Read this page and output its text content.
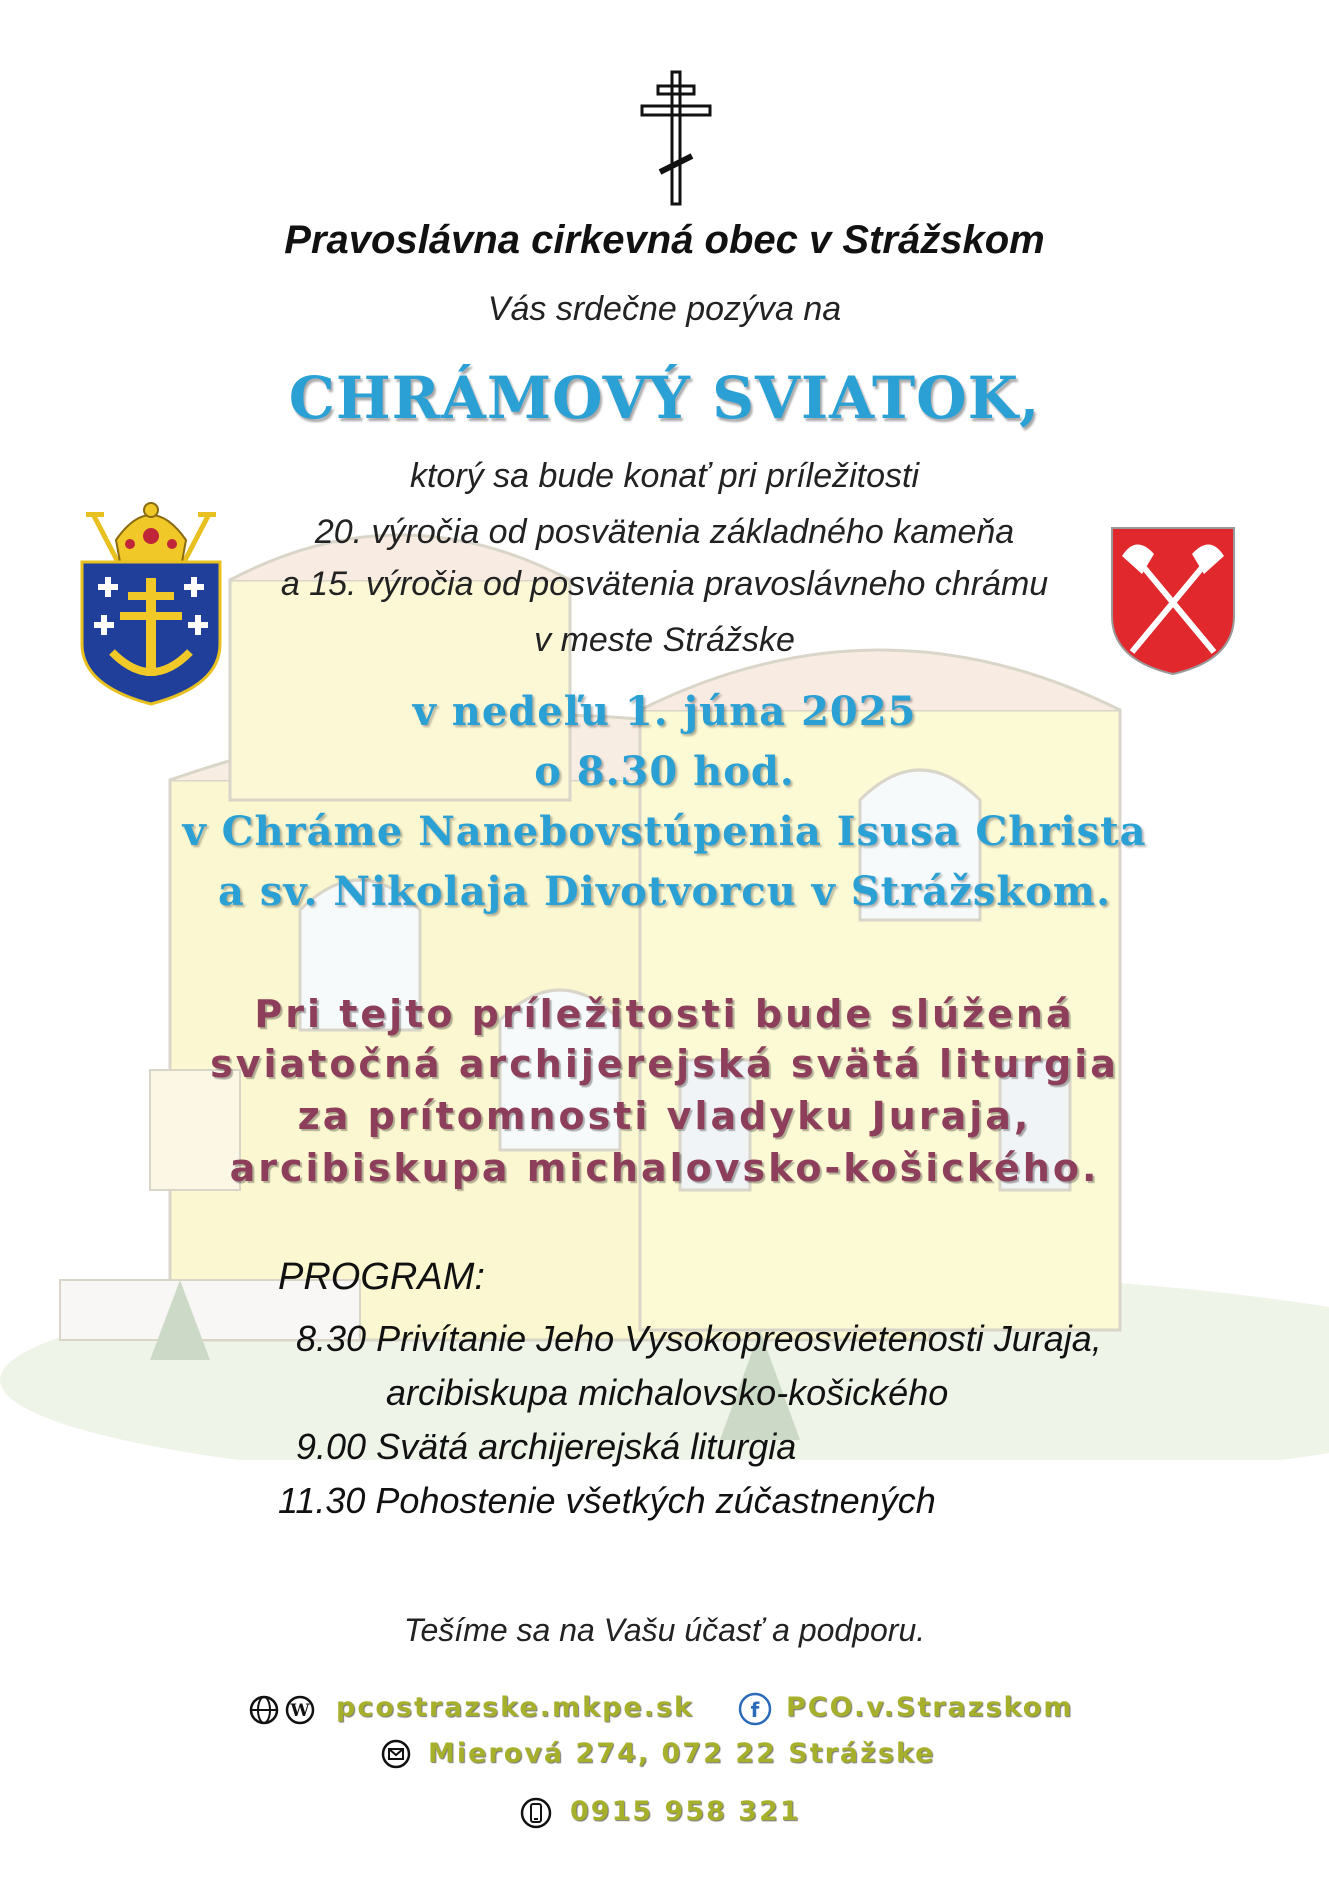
Pravoslávna cirkevná obec v Strážskom
Vás srdečne pozýva na
CHRÁMOVÝ SVIATOK,
ktorý sa bude konať pri príležitosti
20. výročia od posvätenia základného kameňa
a 15. výročia od posvätenia pravoslávneho chrámu
v meste Strážske
v nedeľu 1. júna 2025
o 8.30 hod.
v Chráme Nanebovstúpenia Isusa Christa
a sv. Nikolaja Divotvorcu v Strážskom.
Pri tejto príležitosti bude slúžená
sviatočná archijerejská svätá liturgia
za prítomnosti vladyku Juraja,
arcibiskupa michalovsko-košického.
PROGRAM:
8.30 Privítanie Jeho Vysokopreosvietenosti Juraja,
arcibiskupa michalovsko-košického
9.00 Svätá archijerejská liturgia
11.30 Pohostenie všetkých zúčastnených
Tešíme sa na Vašu účasť a podporu.
W pcostrazske.mkpe.sk	f PCO.v.Strazskom
Mierová 274, 072 22 Strážske
0915 958 321
